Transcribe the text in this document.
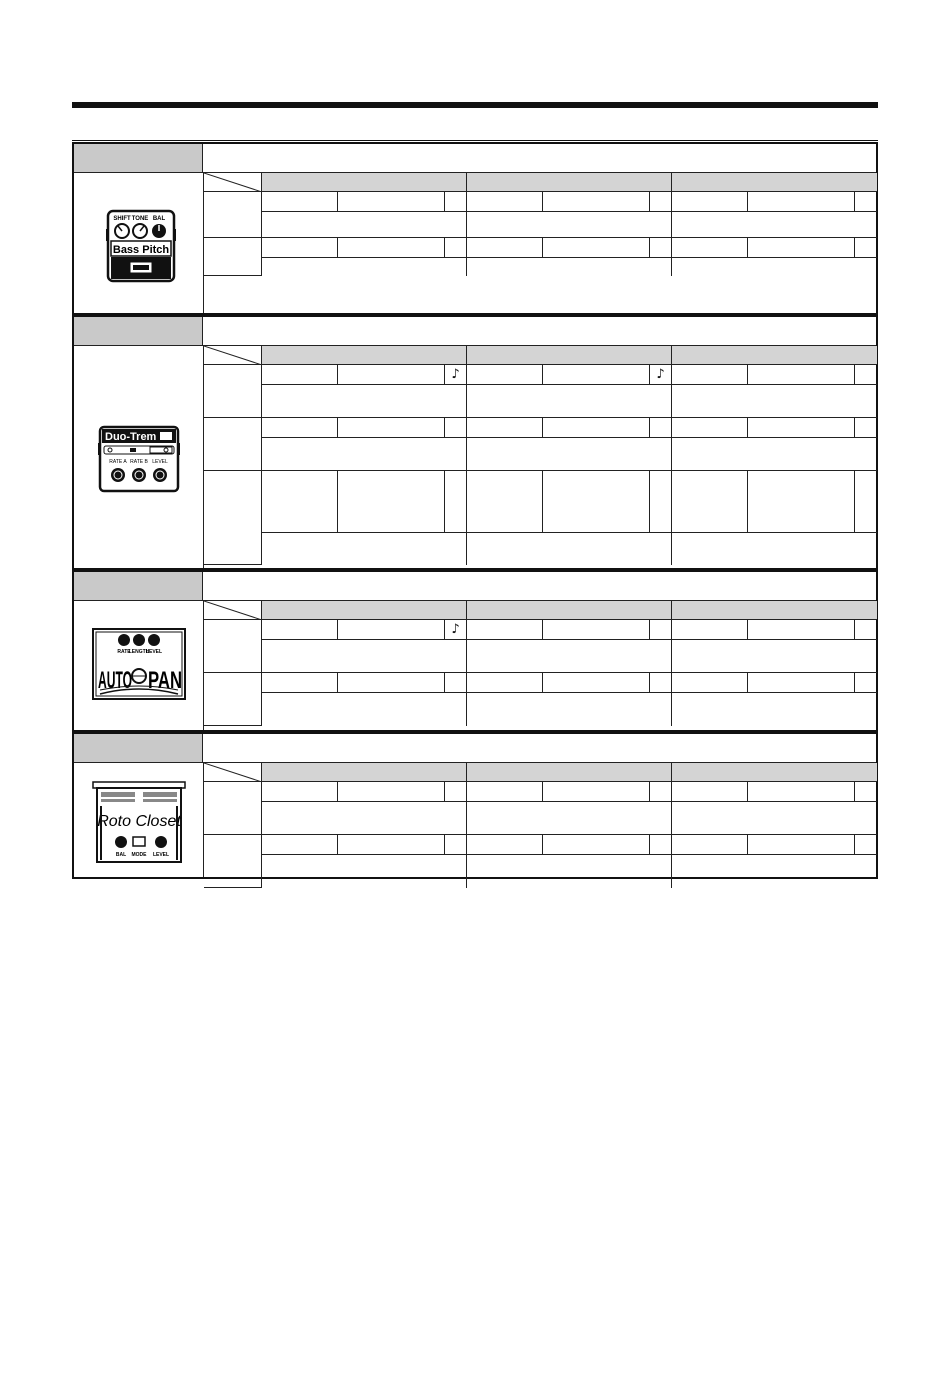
SHIFT TONE BAL
Bass Pitch
Duo-Trem
RATE A RATE B LEVEL
♪	♪
RATE
LENGTH
LEVEL
AUTO PAN
♪
Roto Closet
BAL MODE LEVEL
